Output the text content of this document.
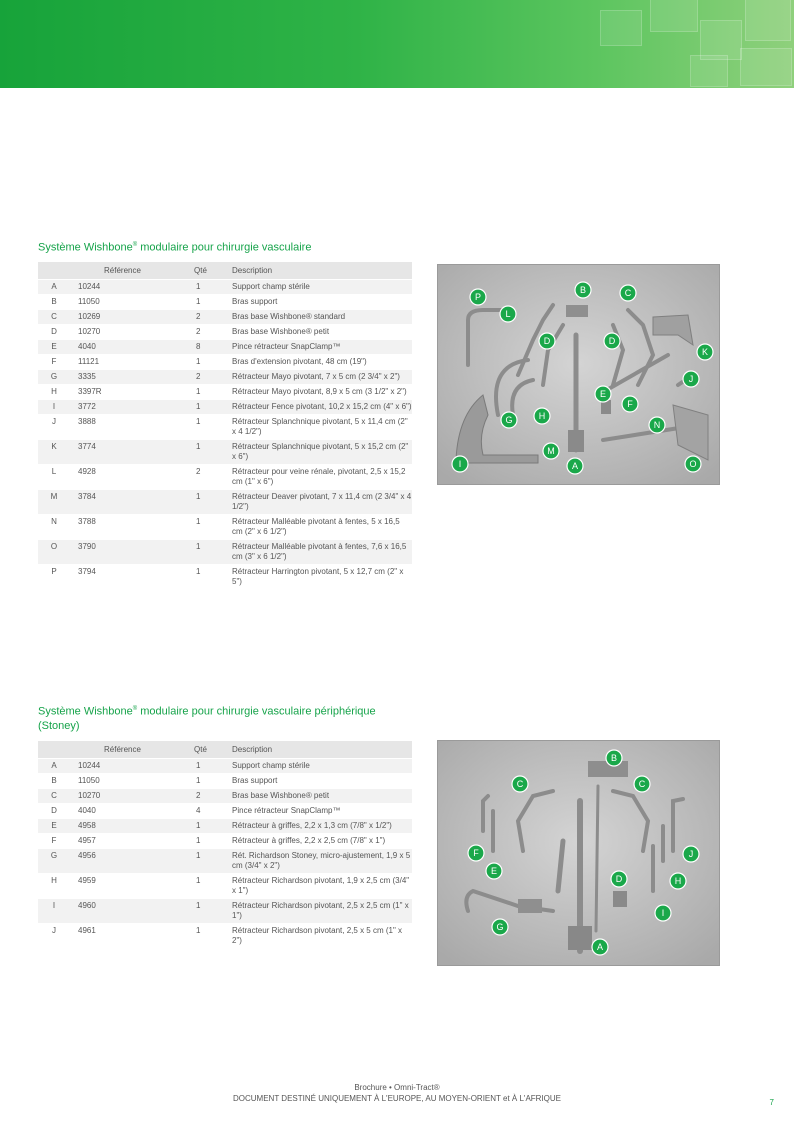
Système Wishbone® modulaire pour chirurgie vasculaire
	Référence	Qté	Description
A	10244	1	Support champ stérile
B	11050	1	Bras support
C	10269	2	Bras base Wishbone® standard
D	10270	2	Bras base Wishbone® petit
E	4040	8	Pince rétracteur SnapClamp™
F	11121	1	Bras d'extension pivotant, 48 cm (19")
G	3335	2	Rétracteur Mayo pivotant, 7 x 5 cm (2 3/4" x 2")
H	3397R	1	Rétracteur Mayo pivotant, 8,9 x 5 cm (3 1/2" x 2")
I	3772	1	Rétracteur Fence pivotant, 10,2 x 15,2 cm (4" x 6")
J	3888	1	Rétracteur Splanchnique pivotant, 5 x 11,4 cm (2" x 4 1/2")
K	3774	1	Rétracteur Splanchnique pivotant, 5 x 15,2 cm (2" x 6")
L	4928	2	Rétracteur pour veine rénale, pivotant, 2,5 x 15,2 cm (1" x 6")
M	3784	1	Rétracteur Deaver pivotant, 7 x 11,4 cm (2 3/4" x 4 1/2")
N	3788	1	Rétracteur Malléable pivotant à fentes, 5 x 16,5 cm (2" x 6 1/2")
O	3790	1	Rétracteur Malléable pivotant à fentes, 7,6 x 16,5 cm (3" x 6 1/2")
P	3794	1	Rétracteur Harrington pivotant, 5 x 12,7 cm (2" x 5")
A
B	C
D	D
E
F
G	H
I
J
K
L
M
N
O
P
Système Wishbone® modulaire pour chirurgie vasculaire périphérique (Stoney)
	Référence	Qté	Description
A	10244	1	Support champ stérile
B	11050	1	Bras support
C	10270	2	Bras base Wishbone® petit
D	4040	4	Pince rétracteur SnapClamp™
E	4958	1	Rétracteur à griffes, 2,2 x 1,3 cm (7/8" x 1/2")
F	4957	1	Rétracteur à griffes, 2,2 x 2,5 cm (7/8" x 1")
G	4956	1	Rét. Richardson Stoney, micro-ajustement, 1,9 x 5 cm (3/4" x 2")
H	4959	1	Rétracteur Richardson pivotant, 1,9 x 2,5 cm (3/4" x 1")
I	4960	1	Rétracteur Richardson pivotant, 2,5 x 2,5 cm (1" x 1")
J	4961	1	Rétracteur Richardson pivotant, 2,5 x 5 cm (1" x 2")
A
B
C	C
D
E
F
G
H
I
J
Brochure • Omni-Tract®
DOCUMENT DESTINÉ UNIQUEMENT À L'EUROPE, AU MOYEN-ORIENT et À L'AFRIQUE	7
